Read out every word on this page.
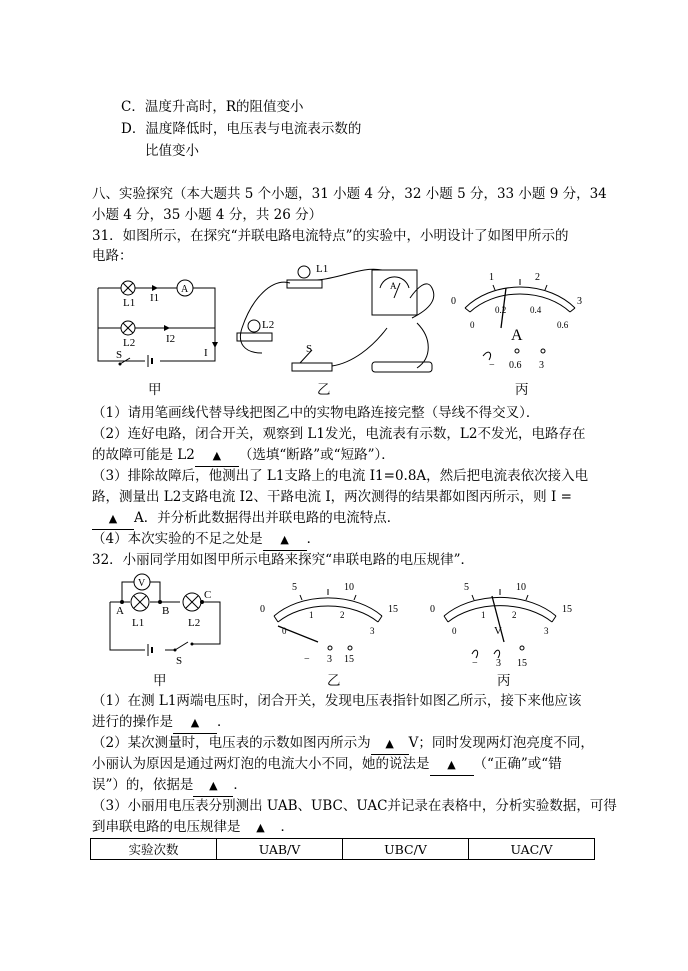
C．温度升高时，R的阻值变小
D．温度降低时，电压表与电流表示数的
比值变小
八、实验探究（本大题共 5 个小题，31 小题 4 分，32 小题 5 分，33 小题 9 分，34
小题 4 分，35 小题 4 分，共 26 分）
31．如图所示，在探究“并联电路电流特点”的实验中，小明设计了如图甲所示的
电路：
A
L1 I1
L2	I2
I
S
甲
L1
L2
A
S
乙
0
1	2
3
0
0.2	0.4
0.6
A
− 0.6 3
丙
（1）请用笔画线代替导线把图乙中的实物电路连接完整（导线不得交叉）．
（2）连好电路，闭合开关，观察到 L1发光，电流表有示数，L2不发光，电路存在
的故障可能是 L2 ▲ （选填“断路”或“短路”）．
（3）排除故障后，他测出了 L1支路上的电流 I1=0.8A，然后把电流表依次接入电
路，测量出 L2支路电流 I2、干路电流 I，两次测得的结果都如图丙所示，则 I =
▲ A．并分析此数据得出并联电路的电流特点．
（4）本次实验的不足之处是 ▲ ．
32．小丽同学用如图甲所示电路来探究“串联电路的电压规律”．
V
A	B
C
L1	L2
S
甲
0
5	10
15
0
1	2
3
− 3 15
乙
0
5	10
15
0
1	2
3
V
− 3 15
丙
（1）在测 L1两端电压时，闭合开关，发现电压表指针如图乙所示，接下来他应该
进行的操作是 ▲ ．
（2）某次测量时，电压表的示数如图丙所示为 ▲ V；同时发现两灯泡亮度不同，
小丽认为原因是通过两灯泡的电流大小不同，她的说法是 ▲ （“正确”或“错
误”）的，依据是 ▲ ．
（3）小丽用电压表分别测出 UAB、UBC、UAC并记录在表格中，分析实验数据，可得
到串联电路的电压规律是 ▲ ．
实验次数	UAB/V	UBC/V	UAC/V
